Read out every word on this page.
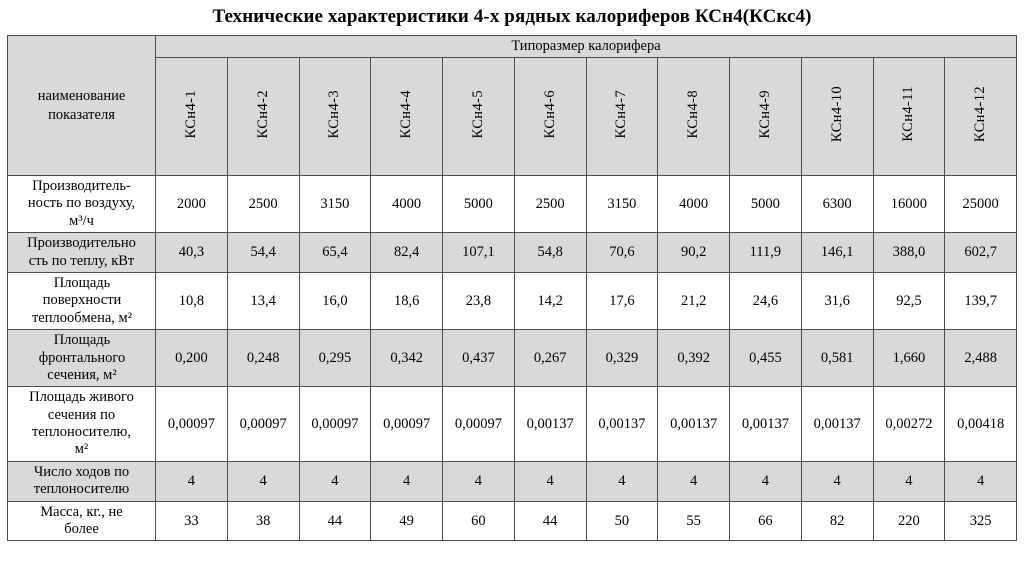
Технические характеристики 4-х рядных калориферов КСн4(КСкс4)
наименование
показателя	Типоразмер калорифера											
	КСн4-1	КСн4-2	КСн4-3	КСн4-4	КСн4-5	КСн4-6	КСн4-7	КСн4-8	КСн4-9	КСн4-10	КСн4-11	КСн4-12

Производитель-
ность по воздуху,
м³/ч	2000	2500	3150	4000	5000	2500	3150	4000	5000	6300	16000	25000

Производительно
сть по теплу, кВт	40,3	54,4	65,4	82,4	107,1	54,8	70,6	90,2	111,9	146,1	388,0	602,7

Площадь
поверхности
теплообмена, м²	10,8	13,4	16,0	18,6	23,8	14,2	17,6	21,2	24,6	31,6	92,5	139,7

Площадь
фронтального
сечения, м²	0,200	0,248	0,295	0,342	0,437	0,267	0,329	0,392	0,455	0,581	1,660	2,488

Площадь живого
сечения по
теплоносителю,
м²	0,00097	0,00097	0,00097	0,00097	0,00097	0,00137	0,00137	0,00137	0,00137	0,00137	0,00272	0,00418

Число ходов по
теплоносителю	4	4	4	4	4	4	4	4	4	4	4	4

Масса, кг., не
более	33	38	44	49	60	44	50	55	66	82	220	325
